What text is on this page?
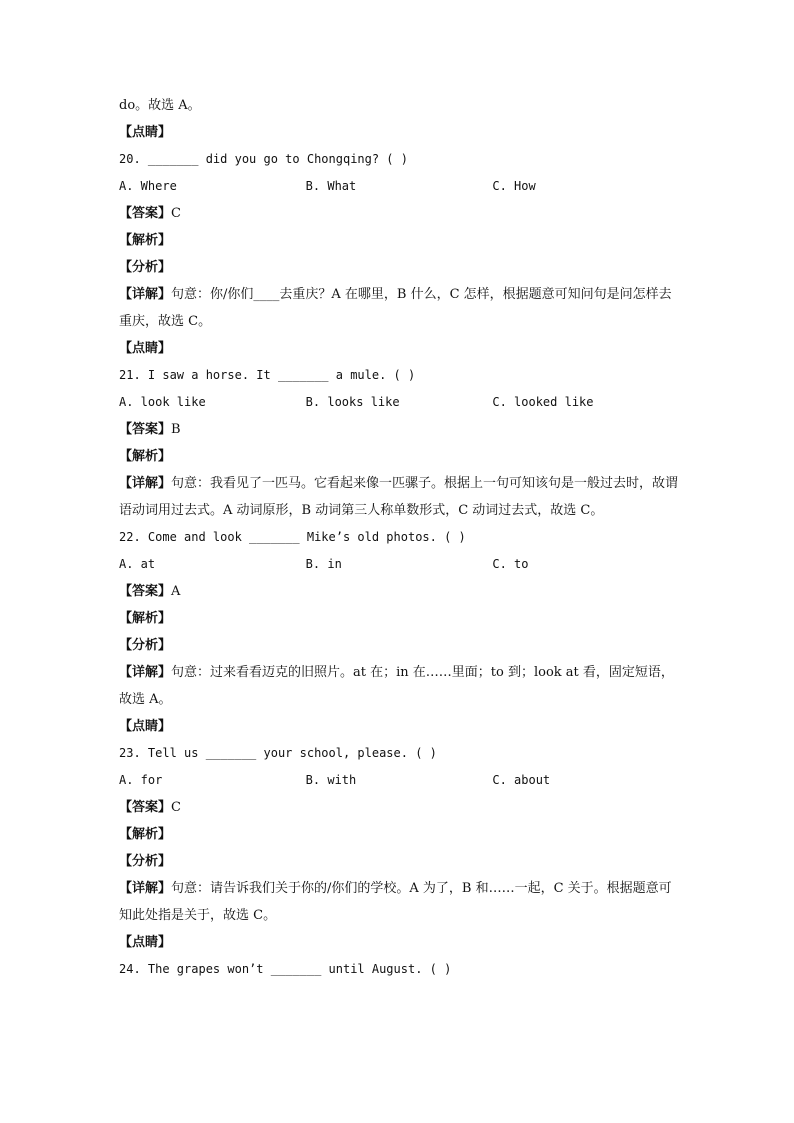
do。故选 A。
【点睛】
20. _______ did you go to Chongqing? ( )
A. Where	B. What	C. How
【答案】C
【解析】
【分析】
【详解】句意：你/你们____去重庆？A 在哪里，B 什么，C 怎样，根据题意可知问句是问怎样去重庆，故选 C。
【点睛】
21. I saw a horse. It _______ a mule. ( )
A. look like	B. looks like	C. looked like
【答案】B
【解析】
【详解】句意：我看见了一匹马。它看起来像一匹骡子。根据上一句可知该句是一般过去时，故谓语动词用过去式。A 动词原形，B 动词第三人称单数形式，C 动词过去式，故选 C。
22. Come and look _______ Mike’s old photos. ( )
A. at	B. in	C. to
【答案】A
【解析】
【分析】
【详解】句意：过来看看迈克的旧照片。at 在；in 在……里面；to 到；look at 看，固定短语，故选 A。
【点睛】
23. Tell us _______ your school, please. ( )
A. for	B. with	C. about
【答案】C
【解析】
【分析】
【详解】句意：请告诉我们关于你的/你们的学校。A 为了，B 和……一起，C 关于。根据题意可知此处指是关于，故选 C。
【点睛】
24. The grapes won’t _______ until August. ( )
